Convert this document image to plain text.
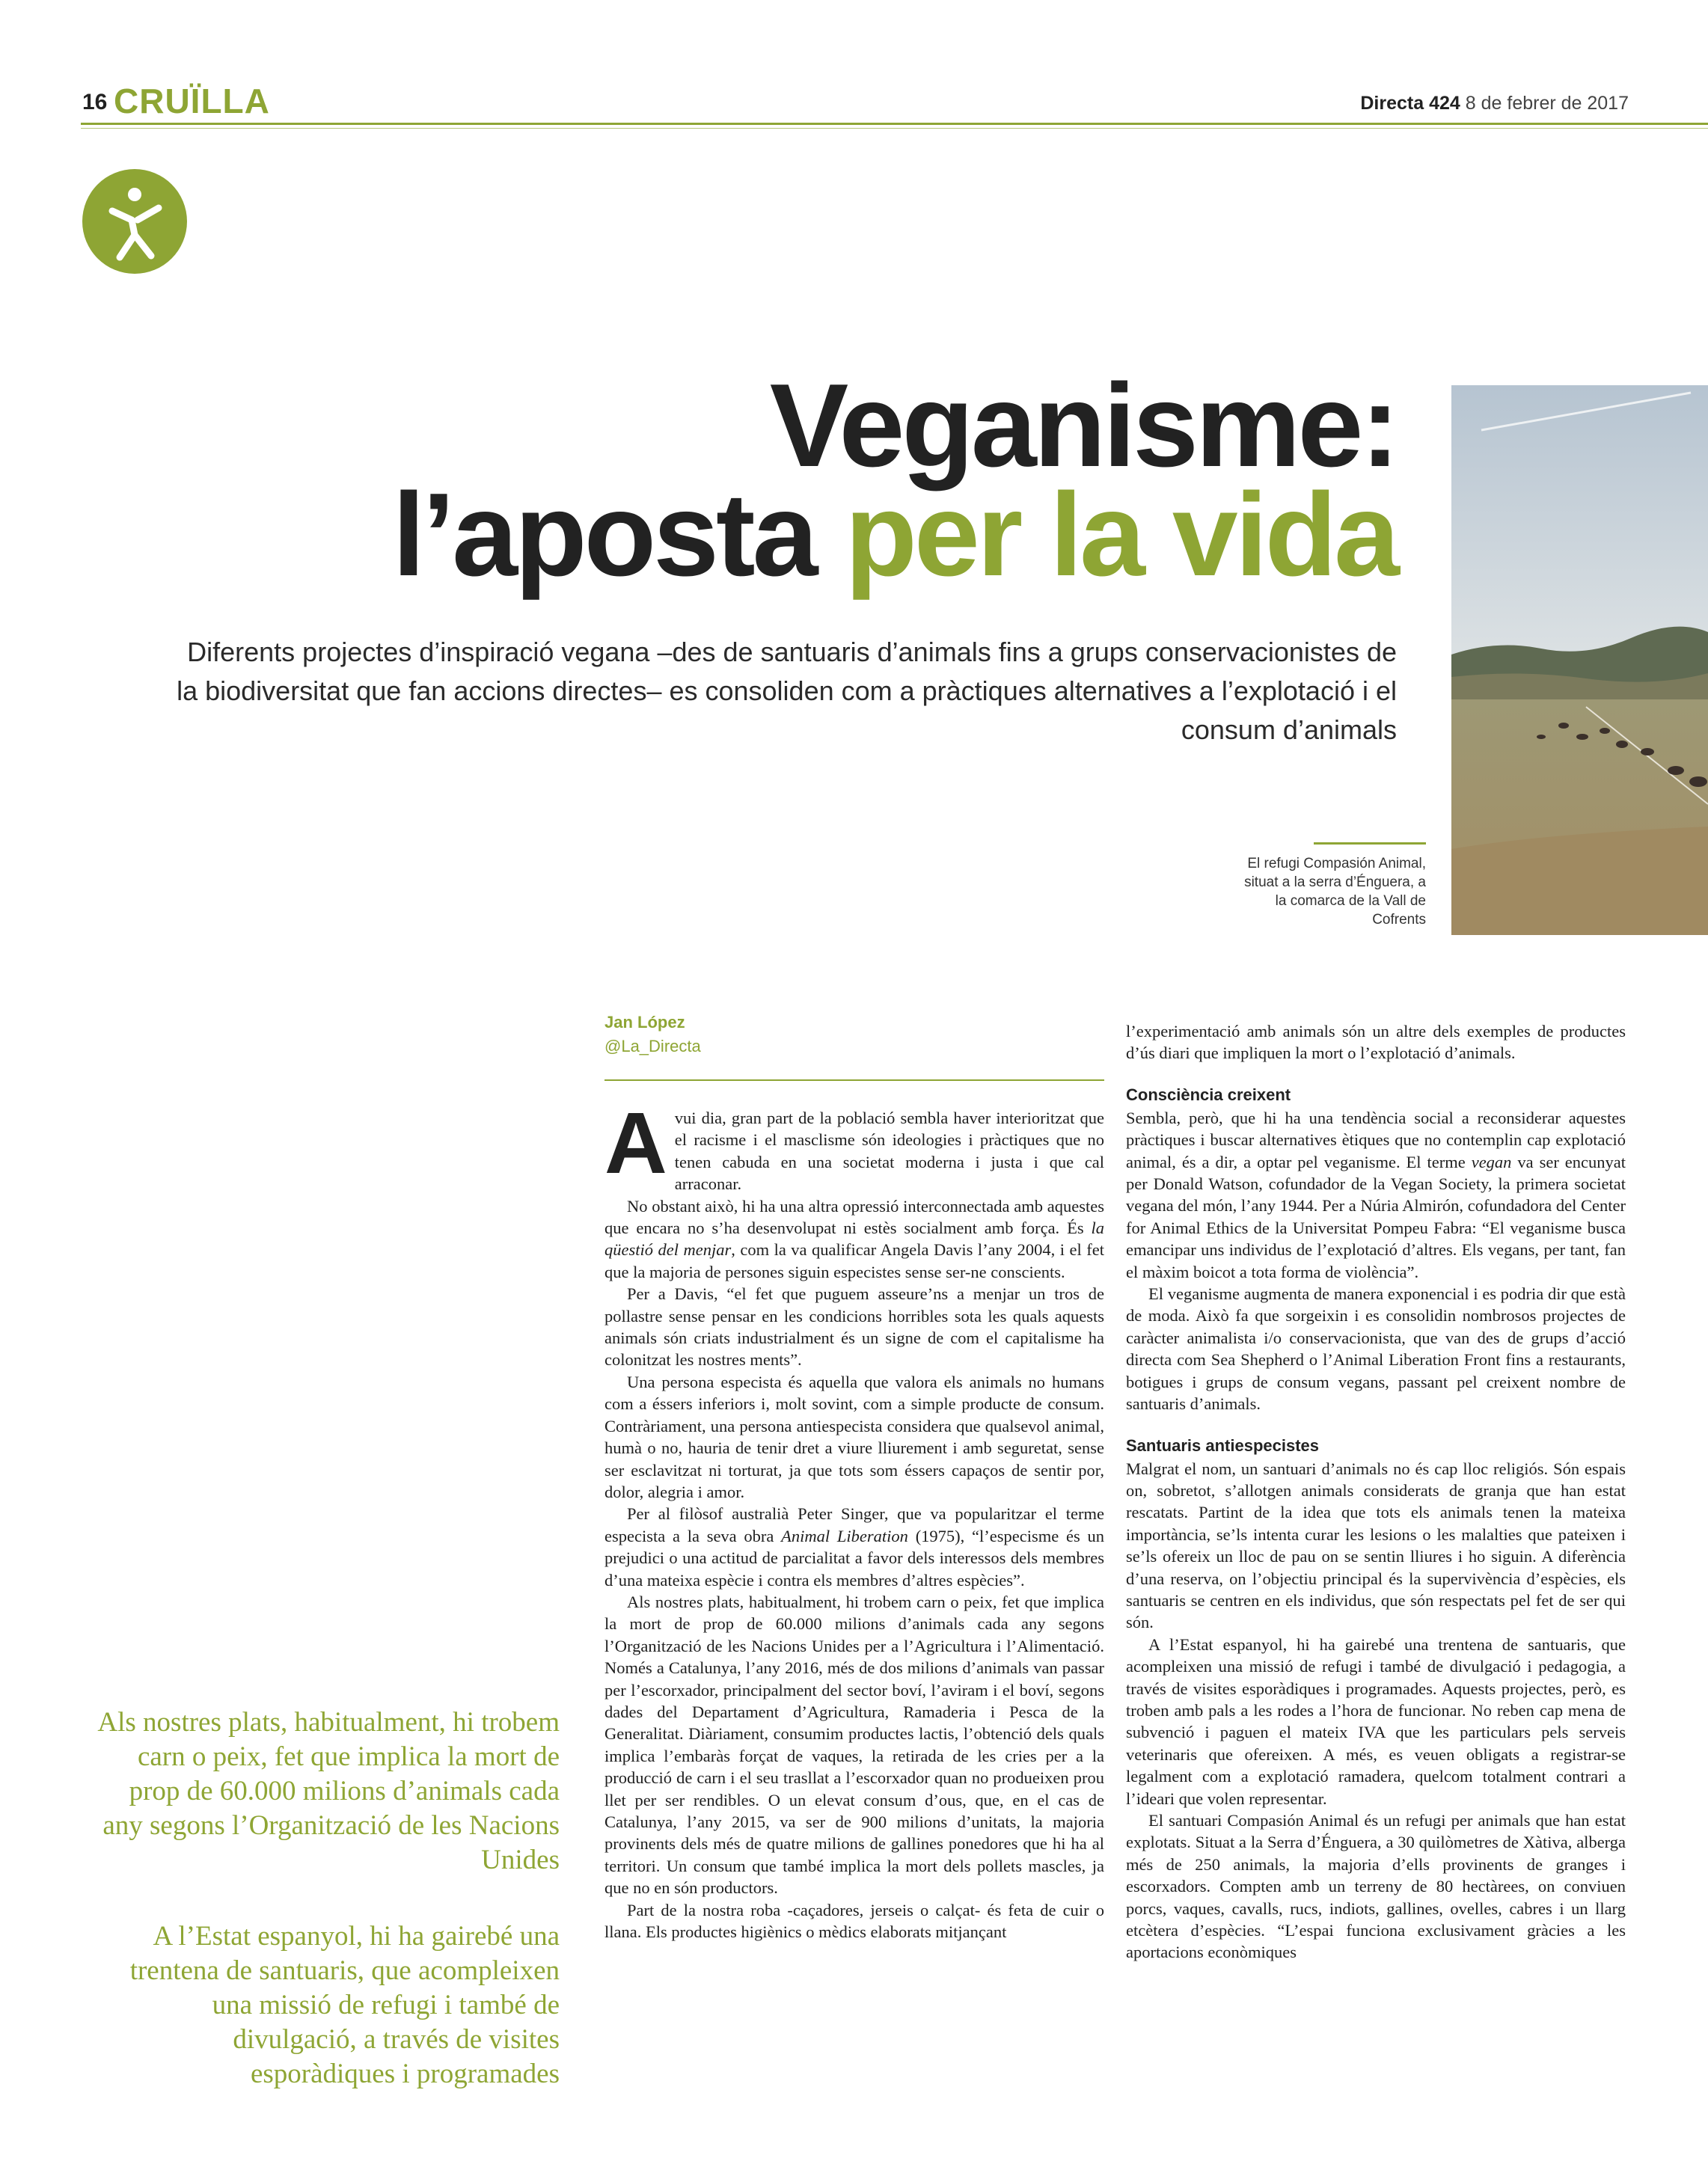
16 CRUÏLLA	Directa 424 8 de febrer de 2017
Veganisme:
l’aposta per la vida
Diferents projectes d’inspiració vegana –des de santuaris d’animals fins a grups conservacionistes de la biodiversitat que fan accions directes– es consoliden com a pràctiques alternatives a l’explotació i el consum d’animals
El refugi Compasión Animal, situat a la serra d’Énguera, a la comarca de la Vall de Cofrents
Jan López
@La_Directa

Avui dia, gran part de la població sembla haver interioritzat que el racisme i el masclisme són ideologies i pràctiques que no tenen cabuda en una societat moderna i justa i que cal arraconar.

No obstant això, hi ha una altra opressió interconnectada amb aquestes que encara no s’ha desenvolupat ni estès socialment amb força. És la qüestió del menjar, com la va qualificar Angela Davis l’any 2004, i el fet que la majoria de persones siguin especistes sense ser-ne conscients.

Per a Davis, “el fet que puguem asseure’ns a menjar un tros de pollastre sense pensar en les condicions horribles sota les quals aquests animals són criats industrialment és un signe de com el capitalisme ha colonitzat les nostres ments”.

Una persona especista és aquella que valora els animals no humans com a éssers inferiors i, molt sovint, com a simple producte de consum. Contràriament, una persona antiespecista considera que qualsevol animal, humà o no, hauria de tenir dret a viure lliurement i amb seguretat, sense ser esclavitzat ni torturat, ja que tots som éssers capaços de sentir por, dolor, alegria i amor.

Per al filòsof australià Peter Singer, que va popularitzar el terme especista a la seva obra Animal Liberation (1975), “l’especisme és un prejudici o una actitud de parcialitat a favor dels interessos dels membres d’una mateixa espècie i contra els membres d’altres espècies”.

Als nostres plats, habitualment, hi trobem carn o peix, fet que implica la mort de prop de 60.000 milions d’animals cada any segons l’Organització de les Nacions Unides per a l’Agricultura i l’Alimentació. Només a Catalunya, l’any 2016, més de dos milions d’animals van passar per l’escorxador, principalment del sector boví, l’aviram i el boví, segons dades del Departament d’Agricultura, Ramaderia i Pesca de la Generalitat. Diàriament, consumim productes lactis, l’obtenció dels quals implica l’embaràs forçat de vaques, la retirada de les cries per a la producció de carn i el seu trasllat a l’escorxador quan no produeixen prou llet per ser rendibles. O un elevat consum d’ous, que, en el cas de Catalunya, l’any 2015, va ser de 900 milions d’unitats, la majoria provinents dels més de quatre milions de gallines ponedores que hi ha al territori. Un consum que també implica la mort dels pollets mascles, ja que no en són productors.

Part de la nostra roba -caçadores, jerseis o calçat- és feta de cuir o llana. Els productes higiènics o mèdics elaborats mitjançant

l’experimentació amb animals són un altre dels exemples de productes d’ús diari que impliquen la mort o l’explotació d’animals.

Consciència creixent

Sembla, però, que hi ha una tendència social a reconsiderar aquestes pràctiques i buscar alternatives ètiques que no contemplin cap explotació animal, és a dir, a optar pel veganisme. El terme vegan va ser encunyat per Donald Watson, cofundador de la Vegan Society, la primera societat vegana del món, l’any 1944. Per a Núria Almirón, cofundadora del Center for Animal Ethics de la Universitat Pompeu Fabra: “El veganisme busca emancipar uns individus de l’explotació d’altres. Els vegans, per tant, fan el màxim boicot a tota forma de violència”.

El veganisme augmenta de manera exponencial i es podria dir que està de moda. Això fa que sorgeixin i es consolidin nombrosos projectes de caràcter animalista i/o conservacionista, que van des de grups d’acció directa com Sea Shepherd o l’Animal Liberation Front fins a restaurants, botigues i grups de consum vegans, passant pel creixent nombre de santuaris d’animals.

Santuaris antiespecistes

Malgrat el nom, un santuari d’animals no és cap lloc religiós. Són espais on, sobretot, s’allotgen animals considerats de granja que han estat rescatats. Partint de la idea que tots els animals tenen la mateixa importància, se’ls intenta curar les lesions o les malalties que pateixen i se’ls ofereix un lloc de pau on se sentin lliures i ho siguin. A diferència d’una reserva, on l’objectiu principal és la supervivència d’espècies, els santuaris se centren en els individus, que són respectats pel fet de ser qui són.

A l’Estat espanyol, hi ha gairebé una trentena de santuaris, que acompleixen una missió de refugi i també de divulgació i pedagogia, a través de visites esporàdiques i programades. Aquests projectes, però, es troben amb pals a les rodes a l’hora de funcionar. No reben cap mena de subvenció i paguen el mateix IVA que les particulars pels serveis veterinaris que ofereixen. A més, es veuen obligats a registrar-se legalment com a explotació ramadera, quelcom totalment contrari a l’ideari que volen representar.

El santuari Compasión Animal és un refugi per animals que han estat explotats. Situat a la Serra d’Énguera, a 30 quilòmetres de Xàtiva, alberga més de 250 animals, la majoria d’ells provinents de granges i escorxadors. Compten amb un terreny de 80 hectàrees, on conviuen porcs, vaques, cavalls, rucs, indiots, gallines, ovelles, cabres i un llarg etcètera d’espècies. “L’espai funciona exclusivament gràcies a les aportacions econòmiques

Als nostres plats, habitualment, hi trobem carn o peix, fet que implica la mort de prop de 60.000 milions d’animals cada any segons l’Organització de les Nacions Unides
A l’Estat espanyol, hi ha gairebé una trentena de santuaris, que acompleixen una missió de refugi i també de divulgació, a través de visites esporàdiques i programades
